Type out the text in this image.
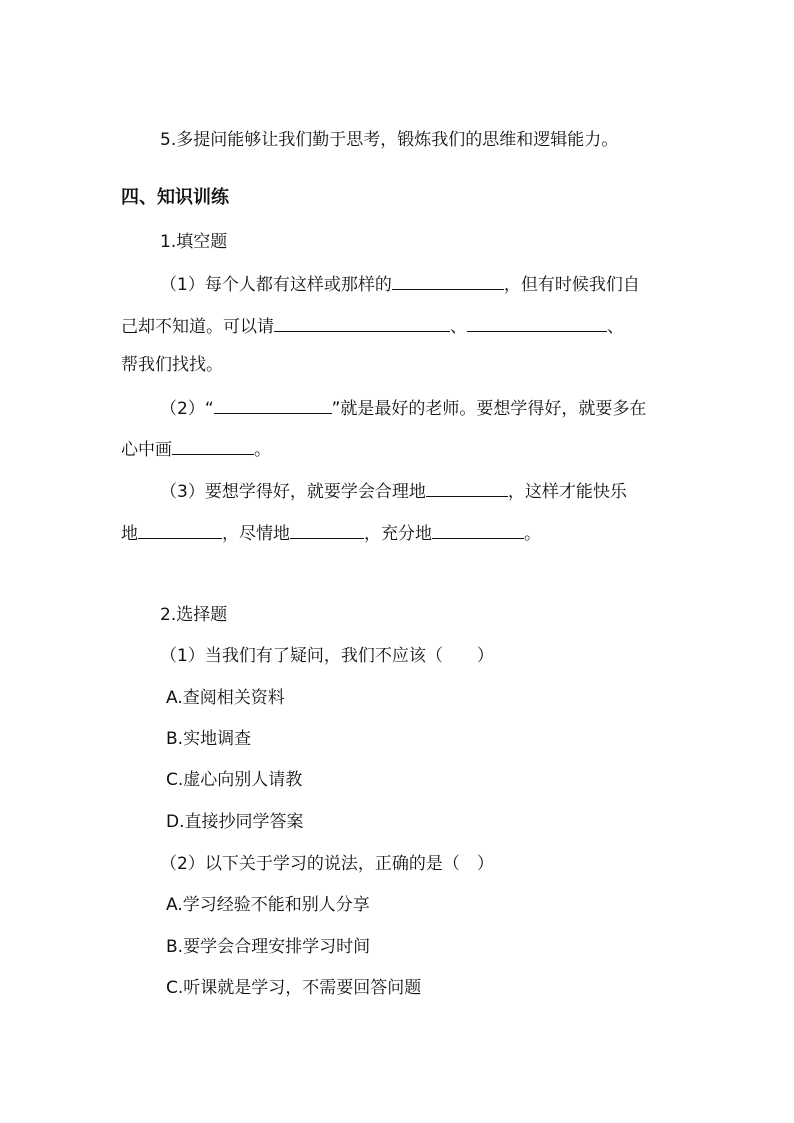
5.多提问能够让我们勤于思考，锻炼我们的思维和逻辑能力。
四、知识训练
1.填空题
（1）每个人都有这样或那样的	，但有时候我们自
己却不知道。可以请	、	、
帮我们找找。
（2）“	”就是最好的老师。要想学得好，就要多在
心中画	。
（3）要想学得好，就要学会合理地	，这样才能快乐
地	，尽情地	，充分地	。
2.选择题
（1）当我们有了疑问，我们不应该（　　）
A.查阅相关资料
B.实地调查
C.虚心向别人请教
D.直接抄同学答案
（2）以下关于学习的说法，正确的是（　）
A.学习经验不能和别人分享
B.要学会合理安排学习时间
C.听课就是学习，不需要回答问题
